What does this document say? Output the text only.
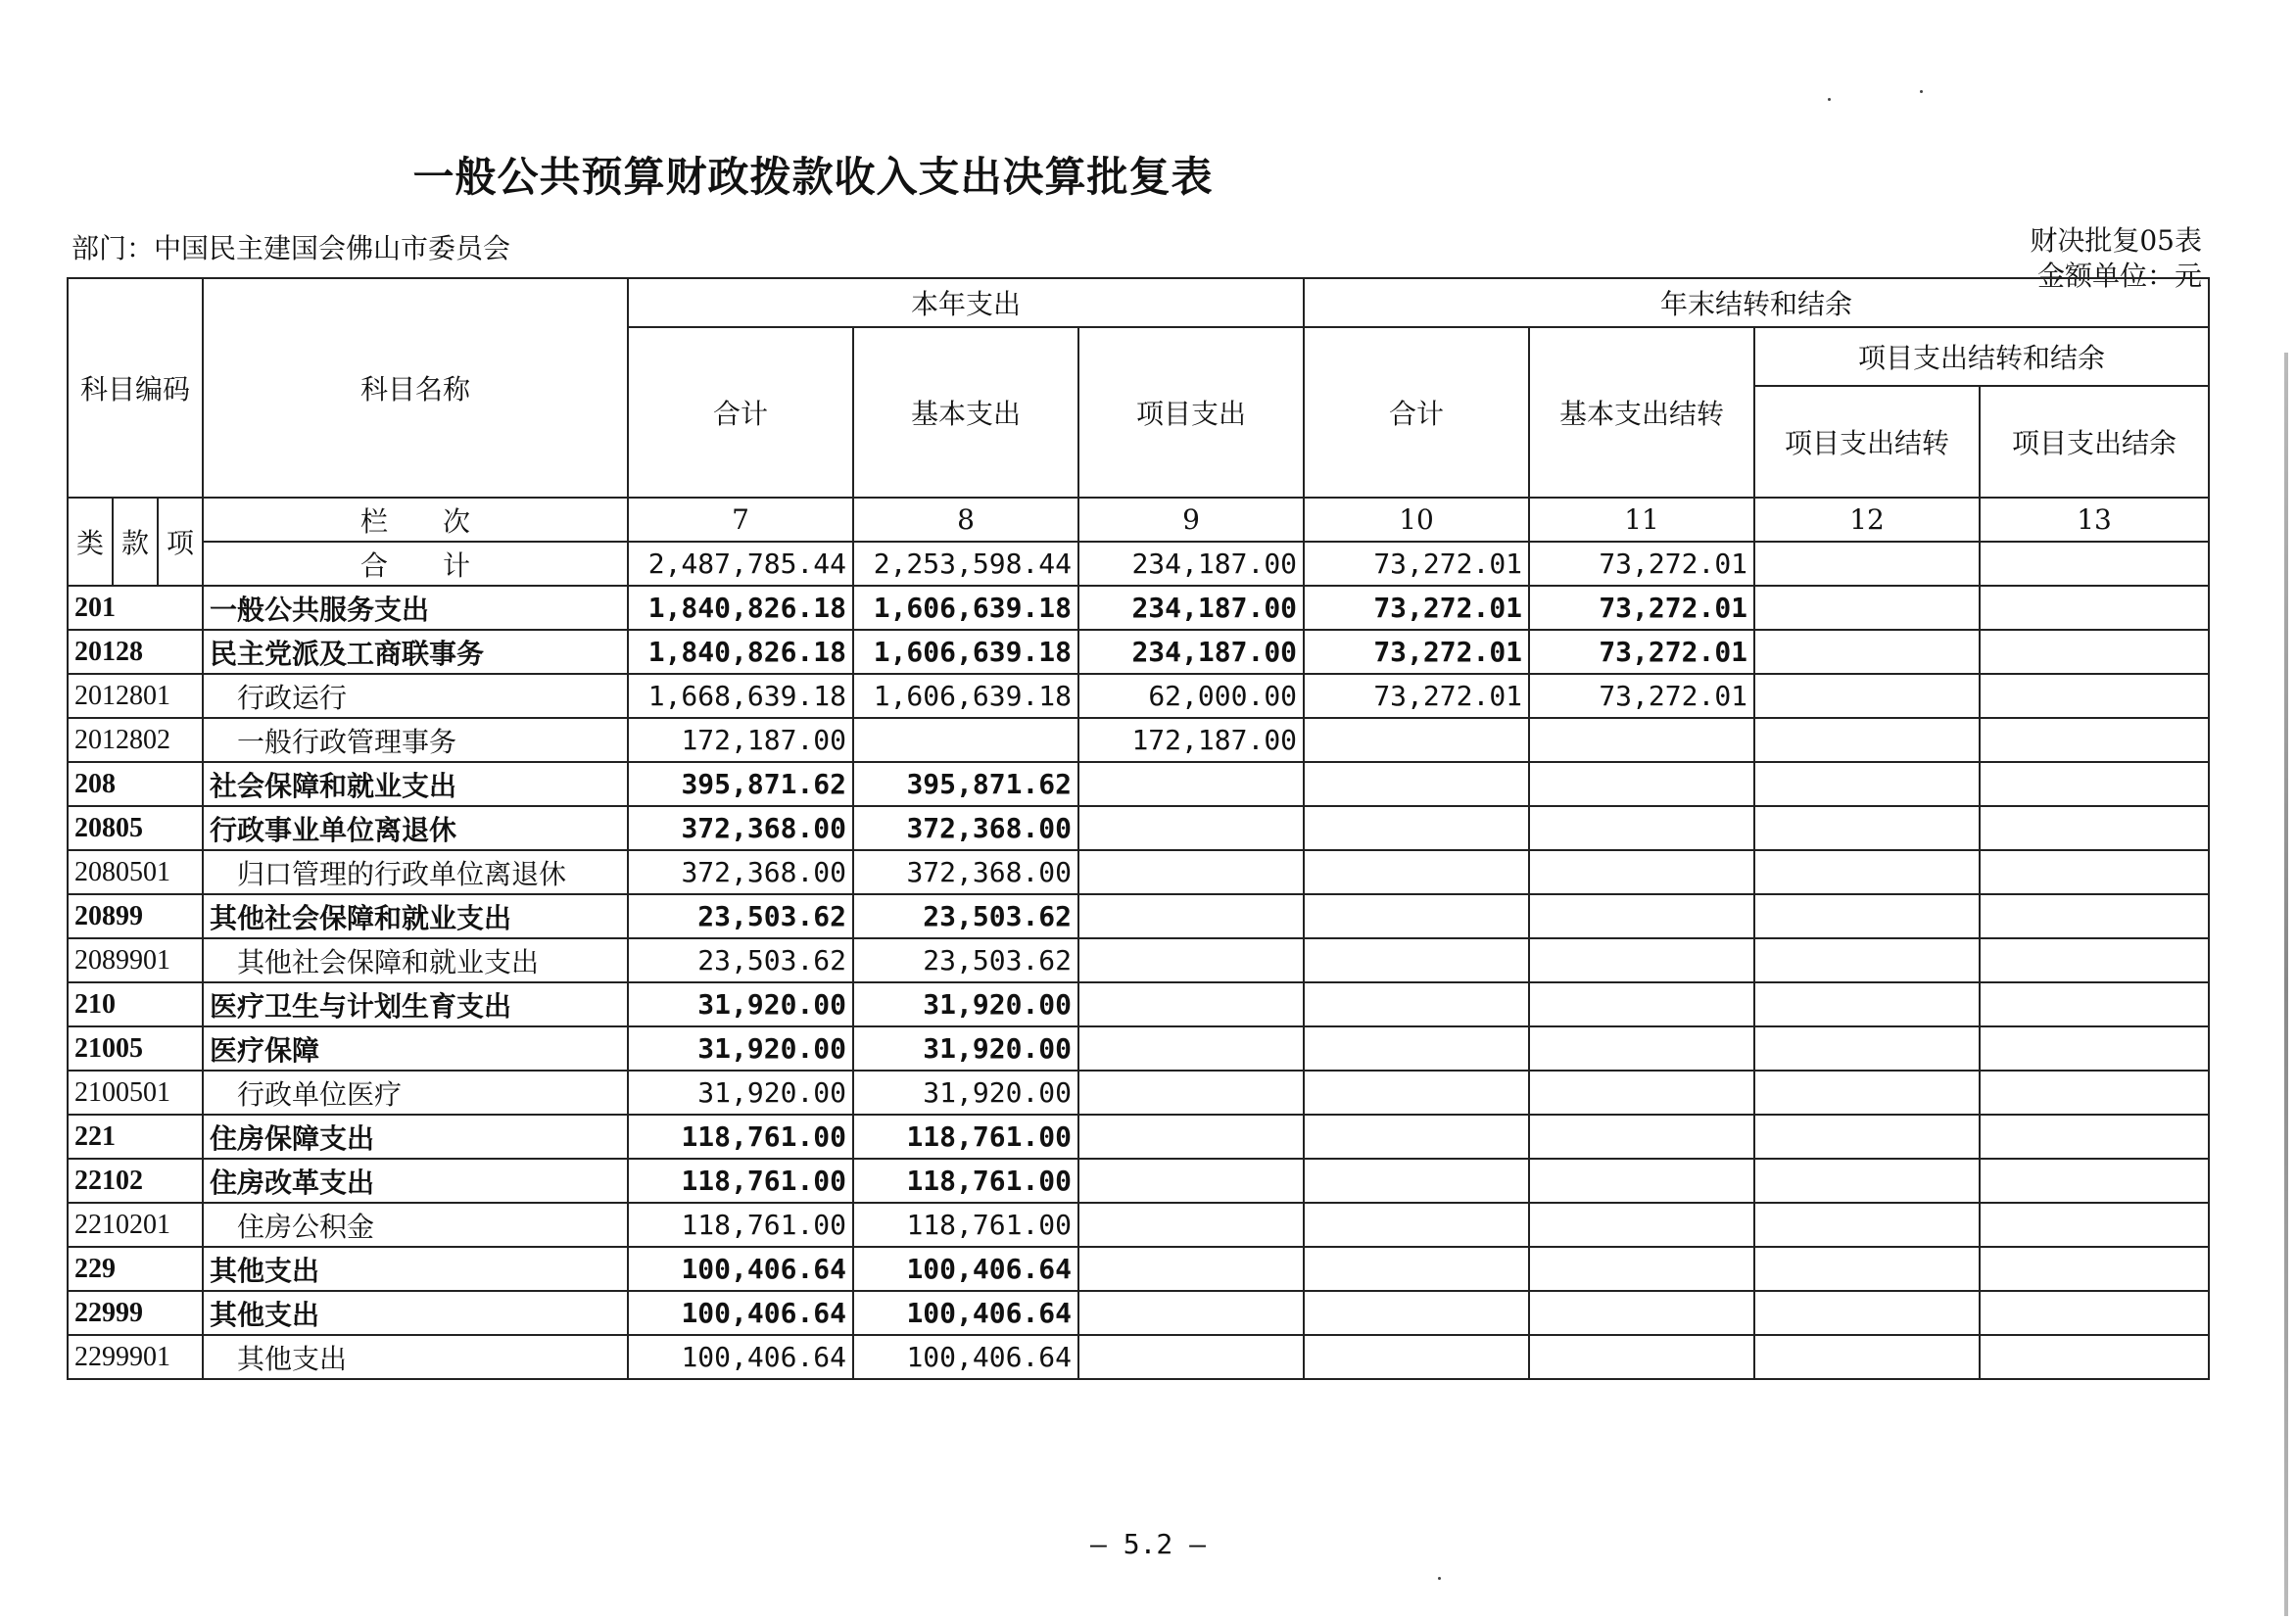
一般公共预算财政拨款收入支出决算批复表
部门：中国民主建国会佛山市委员会	财决批复05表
金额单位：元
科目编码			科目名称	本年支出			年末结转和结余			
				合计	基本支出	项目支出	合计	基本支出结转	项目支出结转和结余	
									项目支出结转	项目支出结余
类	款	项	栏　　次	7	8	9	10	11	12	13
			合　　计	2,487,785.44	2,253,598.44	234,187.00	73,272.01	73,272.01		
201			一般公共服务支出	1,840,826.18	1,606,639.18	234,187.00	73,272.01	73,272.01		
20128			民主党派及工商联事务	1,840,826.18	1,606,639.18	234,187.00	73,272.01	73,272.01		
2012801			行政运行	1,668,639.18	1,606,639.18	62,000.00	73,272.01	73,272.01		
2012802			一般行政管理事务	172,187.00		172,187.00				
208			社会保障和就业支出	395,871.62	395,871.62					
20805			行政事业单位离退休	372,368.00	372,368.00					
2080501			归口管理的行政单位离退休	372,368.00	372,368.00					
20899			其他社会保障和就业支出	23,503.62	23,503.62					
2089901			其他社会保障和就业支出	23,503.62	23,503.62					
210			医疗卫生与计划生育支出	31,920.00	31,920.00					
21005			医疗保障	31,920.00	31,920.00					
2100501			行政单位医疗	31,920.00	31,920.00					
221			住房保障支出	118,761.00	118,761.00					
22102			住房改革支出	118,761.00	118,761.00					
2210201			住房公积金	118,761.00	118,761.00					
229			其他支出	100,406.64	100,406.64					
22999			其他支出	100,406.64	100,406.64					
2299901			其他支出	100,406.64	100,406.64					
— 5.2 —
